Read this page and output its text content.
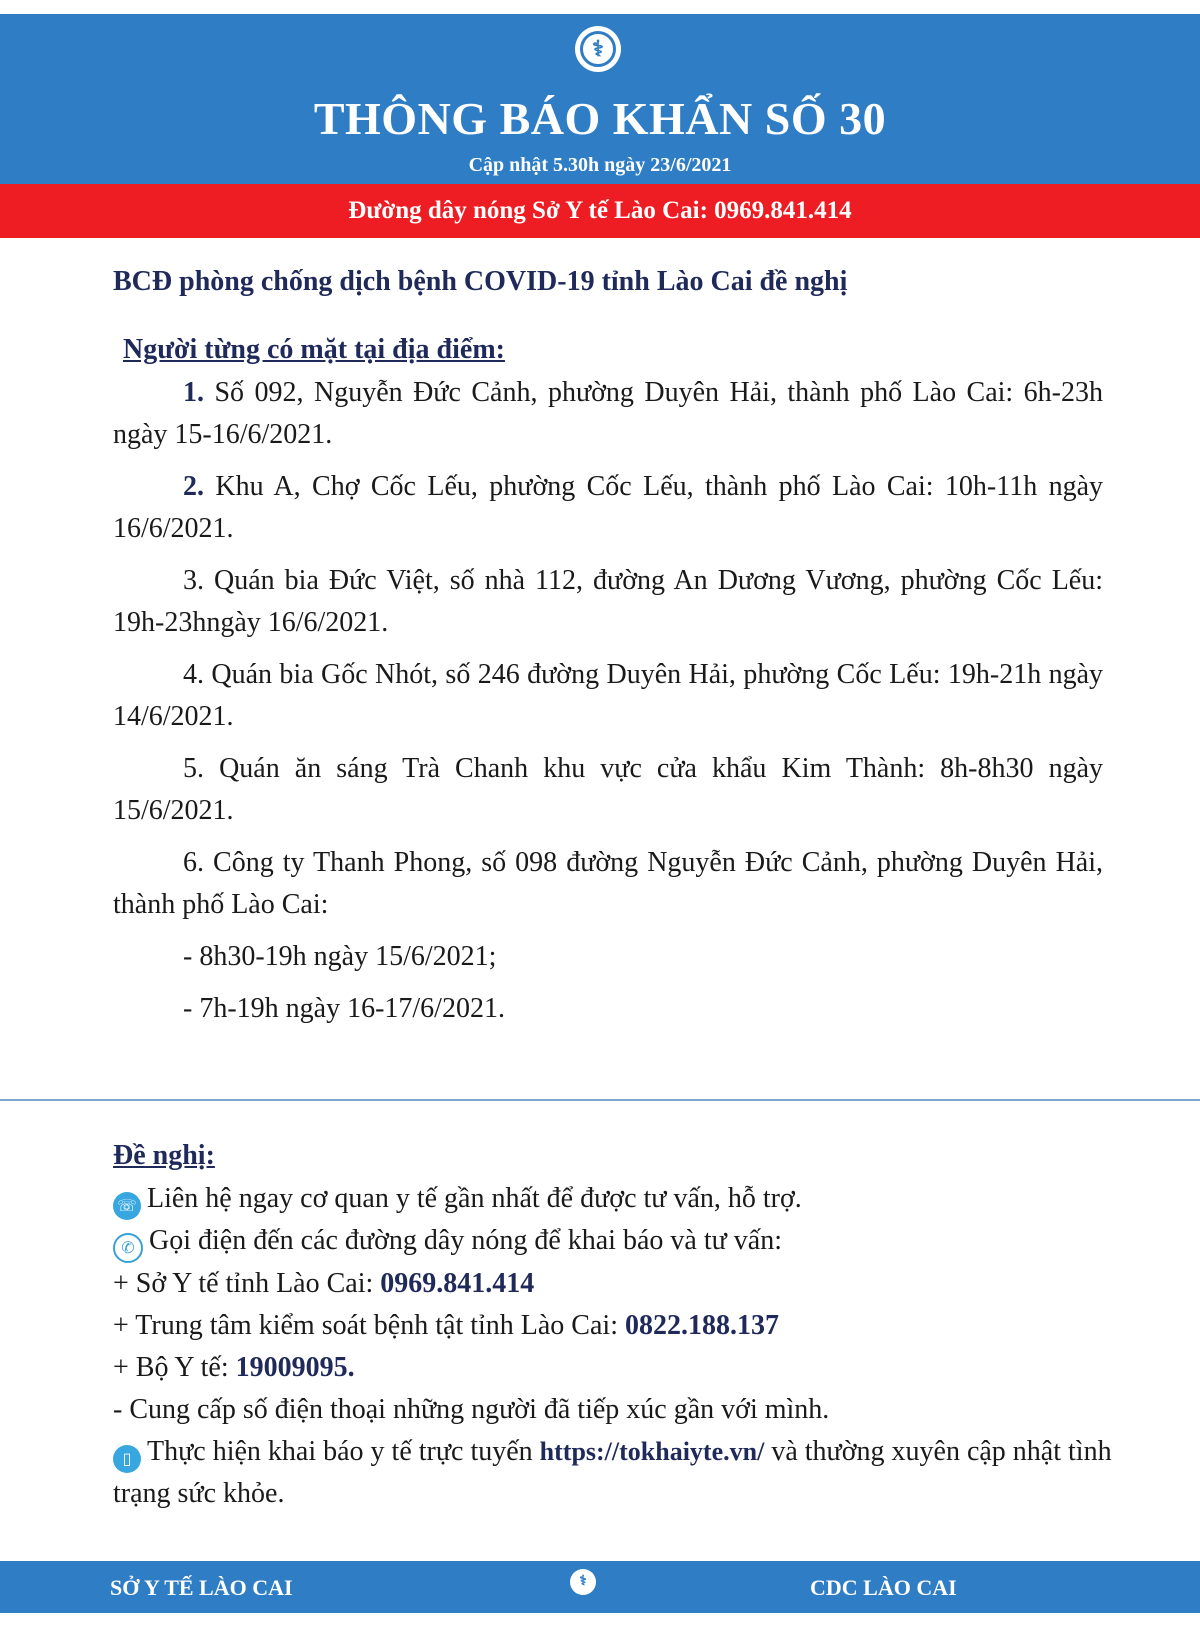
⚕
THÔNG BÁO KHẨN SỐ 30
Cập nhật 5.30h ngày 23/6/2021
Đường dây nóng Sở Y tế Lào Cai: 0969.841.414
BCĐ phòng chống dịch bệnh COVID-19 tỉnh Lào Cai đề nghị
Người từng có mặt tại địa điểm:
1. Số 092, Nguyễn Đức Cảnh, phường Duyên Hải, thành phố Lào Cai: 6h-23h ngày 15-16/6/2021.
2. Khu A, Chợ Cốc Lếu, phường Cốc Lếu, thành phố Lào Cai: 10h-11h ngày 16/6/2021.
3. Quán bia Đức Việt, số nhà 112, đường An Dương Vương, phường Cốc Lếu: 19h-23hngày 16/6/2021.
4. Quán bia Gốc Nhót, số 246 đường Duyên Hải, phường Cốc Lếu: 19h-21h ngày 14/6/2021.
5. Quán ăn sáng Trà Chanh khu vực cửa khẩu Kim Thành: 8h-8h30 ngày 15/6/2021.
6. Công ty Thanh Phong, số 098 đường Nguyễn Đức Cảnh, phường Duyên Hải, thành phố Lào Cai:
- 8h30-19h ngày 15/6/2021;
- 7h-19h ngày 16-17/6/2021.
Đề nghị:
☏ Liên hệ ngay cơ quan y tế gần nhất để được tư vấn, hỗ trợ.
✆ Gọi điện đến các đường dây nóng để khai báo và tư vấn:
+ Sở Y tế tỉnh Lào Cai: 0969.841.414
+ Trung tâm kiểm soát bệnh tật tỉnh Lào Cai: 0822.188.137
+ Bộ Y tế: 19009095.
- Cung cấp số điện thoại những người đã tiếp xúc gần với mình.
▯ Thực hiện khai báo y tế trực tuyến https://tokhaiyte.vn/ và thường xuyên cập nhật tình trạng sức khỏe.
SỞ Y TẾ LÀO CAI	⚕	CDC LÀO CAI
